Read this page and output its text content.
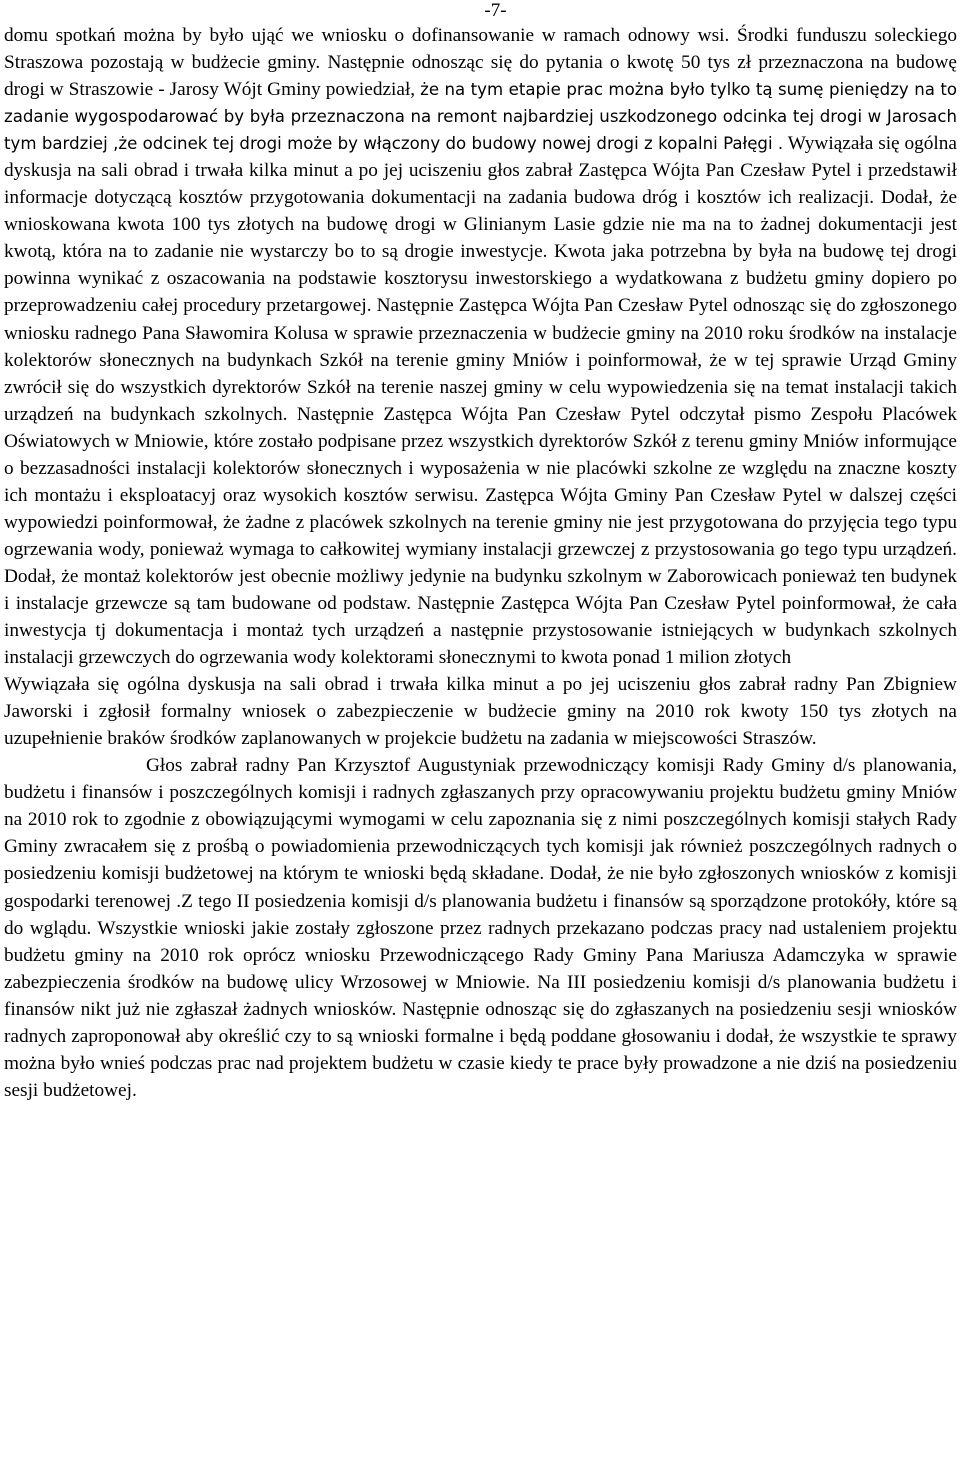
-7-

domu spotkań można by było ująć we wniosku o dofinansowanie w ramach odnowy wsi. Środki funduszu soleckiego Straszowa pozostają w budżecie gminy. Następnie odnosząc się do pytania o kwotę 50 tys zł przeznaczona na budowę drogi w Straszowie - Jarosy Wójt Gminy powiedział, że na tym etapie prac można było tylko tą sumę pieniędzy na to zadanie wygospodarować by była przeznaczona na remont najbardziej uszkodzonego odcinka tej drogi w Jarosach tym bardziej ,że odcinek tej drogi może by włączony do budowy nowej drogi z kopalni Pałęgi . Wywiązała się ogólna dyskusja na sali obrad i trwała kilka minut a po jej uciszeniu głos zabrał Zastępca Wójta Pan Czesław Pytel i przedstawił informacje dotyczącą kosztów przygotowania dokumentacji na zadania budowa dróg i kosztów ich realizacji. Dodał, że wnioskowana kwota 100 tys złotych na budowę drogi w Glinianym Lasie gdzie nie ma na to żadnej dokumentacji jest kwotą, która na to zadanie nie wystarczy bo to są drogie inwestycje. Kwota jaka potrzebna by była na budowę tej drogi powinna wynikać z oszacowania na podstawie kosztorysu inwestorskiego a wydatkowana z budżetu gminy dopiero po przeprowadzeniu całej procedury przetargowej. Następnie Zastępca Wójta Pan Czesław Pytel odnosząc się do zgłoszonego wniosku radnego Pana Sławomira Kolusa w sprawie przeznaczenia w budżecie gminy na 2010 roku środków na instalacje kolektorów słonecznych na budynkach Szkół na terenie gminy Mniów i poinformował, że w tej sprawie Urząd Gminy zwrócił się do wszystkich dyrektorów Szkół na terenie naszej gminy w celu wypowiedzenia się na temat instalacji takich urządzeń na budynkach szkolnych. Następnie Zastępca Wójta Pan Czesław Pytel odczytał pismo Zespołu Placówek Oświatowych w Mniowie, które zostało podpisane przez wszystkich dyrektorów Szkół z terenu gminy Mniów informujące o bezzasadności instalacji kolektorów słonecznych i wyposażenia w nie placówki szkolne ze względu na znaczne koszty ich montażu i eksploatacyj oraz wysokich kosztów serwisu. Zastępca Wójta Gminy Pan Czesław Pytel w dalszej części wypowiedzi poinformował, że żadne z placówek szkolnych na terenie gminy nie jest przygotowana do przyjęcia tego typu ogrzewania wody, ponieważ wymaga to całkowitej wymiany instalacji grzewczej z przystosowania go tego typu urządzeń. Dodał, że montaż kolektorów jest obecnie możliwy jedynie na budynku szkolnym w Zaborowicach ponieważ ten budynek i instalacje grzewcze są tam budowane od podstaw. Następnie Zastępca Wójta Pan Czesław Pytel poinformował, że cała inwestycja tj dokumentacja i montaż tych urządzeń a następnie przystosowanie istniejących w budynkach szkolnych instalacji grzewczych do ogrzewania wody kolektorami słonecznymi to kwota ponad 1 milion złotych

Wywiązała się ogólna dyskusja na sali obrad i trwała kilka minut a po jej uciszeniu głos zabrał radny Pan Zbigniew Jaworski i zgłosił formalny wniosek o zabezpieczenie w budżecie gminy na 2010 rok kwoty 150 tys złotych na uzupełnienie braków środków zaplanowanych w projekcie budżetu na zadania w miejscowości Straszów.

Głos zabrał radny Pan Krzysztof Augustyniak przewodniczący komisji Rady Gminy d/s planowania, budżetu i finansów i poszczególnych komisji i radnych zgłaszanych przy opracowywaniu projektu budżetu gminy Mniów na 2010 rok to zgodnie z obowiązującymi wymogami w celu zapoznania się z nimi poszczególnych komisji stałych Rady Gminy zwracałem się z prośbą o powiadomienia przewodniczących tych komisji jak również poszczególnych radnych o posiedzeniu komisji budżetowej na którym te wnioski będą składane. Dodał, że nie było zgłoszonych wniosków z komisji gospodarki terenowej .Z tego II posiedzenia komisji d/s planowania budżetu i finansów są sporządzone protokóły, które są do wglądu. Wszystkie wnioski jakie zostały zgłoszone przez radnych przekazano podczas pracy nad ustaleniem projektu budżetu gminy na 2010 rok oprócz wniosku Przewodniczącego Rady Gminy Pana Mariusza Adamczyka w sprawie zabezpieczenia środków na budowę ulicy Wrzosowej w Mniowie. Na III posiedzeniu komisji d/s planowania budżetu i finansów nikt już nie zgłaszał żadnych wniosków. Następnie odnosząc się do zgłaszanych na posiedzeniu sesji wniosków radnych zaproponował aby określić czy to są wnioski formalne i będą poddane głosowaniu i dodał, że wszystkie te sprawy można było wnieś podczas prac nad projektem budżetu w czasie kiedy te prace były prowadzone a nie dziś na posiedzeniu sesji budżetowej.
